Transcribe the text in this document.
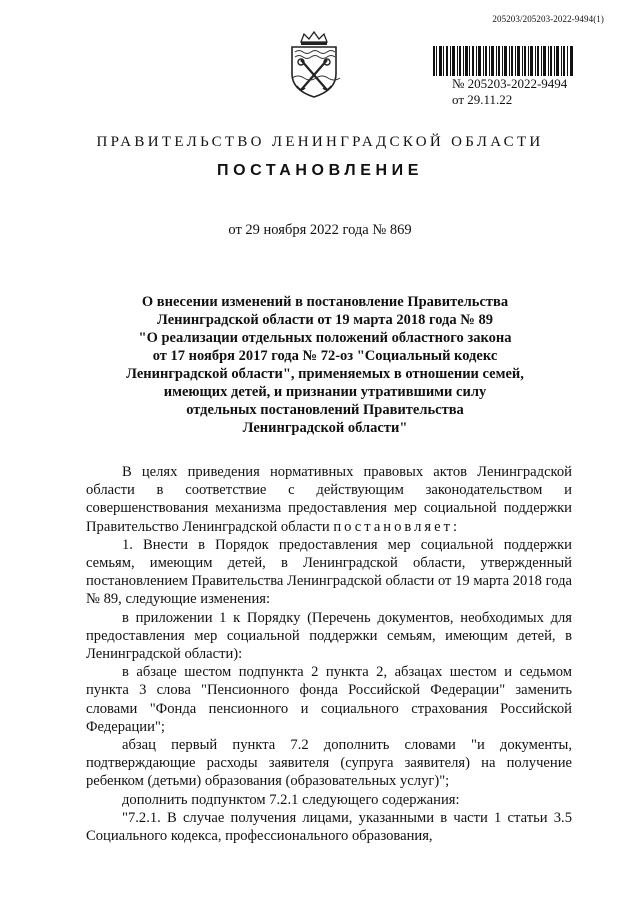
205203/205203-2022-9494(1)
№ 205203-2022-9494
от 29.11.22
ПРАВИТЕЛЬСТВО ЛЕНИНГРАДСКОЙ ОБЛАСТИ
ПОСТАНОВЛЕНИЕ
от 29 ноября 2022 года № 869
О внесении изменений в постановление Правительства
Ленинградской области от 19 марта 2018 года № 89
"О реализации отдельных положений областного закона
от 17 ноября 2017 года № 72-оз "Социальный кодекс
Ленинградской области", применяемых в отношении семей,
имеющих детей, и признании утратившими силу
отдельных постановлений Правительства
Ленинградской области"

В целях приведения нормативных правовых актов Ленинградской области в соответствие с действующим законодательством и совершенствования механизма предоставления мер социальной поддержки Правительство Ленинградской области постановляет:

1. Внести в Порядок предоставления мер социальной поддержки семьям, имеющим детей, в Ленинградской области, утвержденный постановлением Правительства Ленинградской области от 19 марта 2018 года № 89, следующие изменения:

в приложении 1 к Порядку (Перечень документов, необходимых для предоставления мер социальной поддержки семьям, имеющим детей, в Ленинградской области):

в абзаце шестом подпункта 2 пункта 2, абзацах шестом и седьмом пункта 3 слова "Пенсионного фонда Российской Федерации" заменить словами "Фонда пенсионного и социального страхования Российской Федерации";

абзац первый пункта 7.2 дополнить словами "и документы, подтверждающие расходы заявителя (супруга заявителя) на получение ребенком (детьми) образования (образовательных услуг)";

дополнить подпунктом 7.2.1 следующего содержания:

"7.2.1. В случае получения лицами, указанными в части 1 статьи 3.5 Социального кодекса, профессионального образования,
